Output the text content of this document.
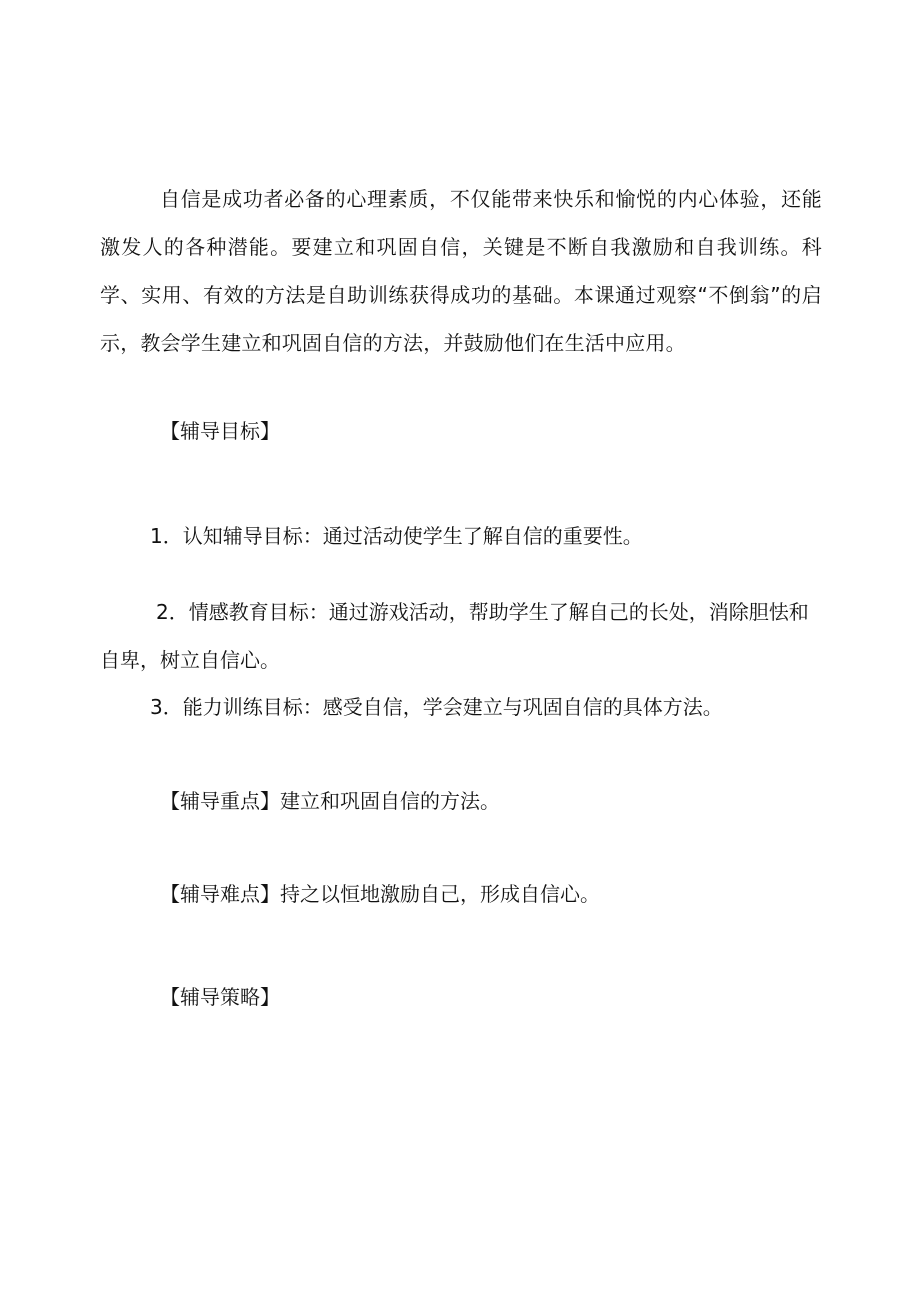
自信是成功者必备的心理素质，不仅能带来快乐和愉悦的内心体验，还能激发人的各种潜能。要建立和巩固自信，关键是不断自我激励和自我训练。科学、实用、有效的方法是自助训练获得成功的基础。本课通过观察“不倒翁”的启示，教会学生建立和巩固自信的方法，并鼓励他们在生活中应用。

【辅导目标】

1．认知辅导目标：通过活动使学生了解自信的重要性。

2．情感教育目标：通过游戏活动，帮助学生了解自己的长处，消除胆怯和自卑，树立自信心。

3．能力训练目标：感受自信，学会建立与巩固自信的具体方法。

【辅导重点】建立和巩固自信的方法。

【辅导难点】持之以恒地激励自己，形成自信心。

【辅导策略】
